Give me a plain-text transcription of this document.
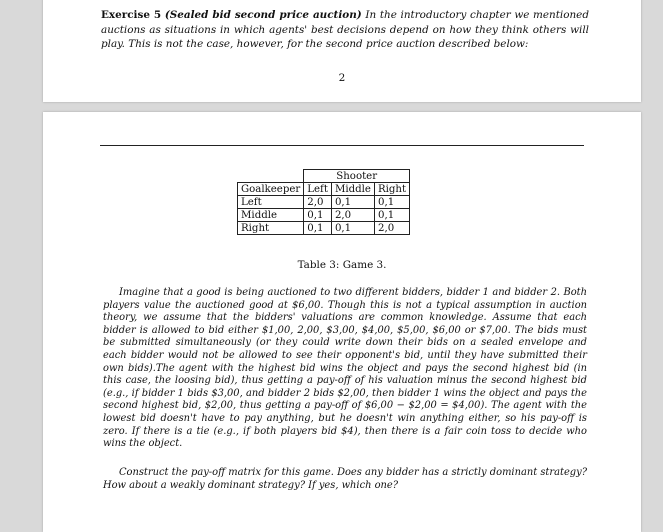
Exercise 5 (Sealed bid second price auction) In the introductory chapter we mentioned auctions as situations in which agents' best decisions depend on how they think others will play. This is not the case, however, for the second price auction described below:
2
	Shooter		
Goalkeeper	Left	Middle	Right
Left	2,0	0,1	0,1
Middle	0,1	2,0	0,1
Right	0,1	0,1	2,0
Table 3: Game 3.
Imagine that a good is being auctioned to two different bidders, bidder 1 and bidder 2. Both players value the auctioned good at $6,00. Though this is not a typical assumption in auction theory, we assume that the bidders' valuations are common knowledge. Assume that each bidder is allowed to bid either $1,00, 2,00, $3,00, $4,00, $5,00, $6,00 or $7,00. The bids must be submitted simultaneously (or they could write down their bids on a sealed envelope and each bidder would not be allowed to see their opponent's bid, until they have submitted their own bids).The agent with the highest bid wins the object and pays the second highest bid (in this case, the loosing bid), thus getting a pay-off of his valuation minus the second highest bid (e.g., if bidder 1 bids $3,00, and bidder 2 bids $2,00, then bidder 1 wins the object and pays the second highest bid, $2,00, thus getting a pay-off of $6,00 − $2,00 = $4,00). The agent with the lowest bid doesn't have to pay anything, but he doesn't win anything either, so his pay-off is zero. If there is a tie (e.g., if both players bid $4), then there is a fair coin toss to decide who wins the object.
Construct the pay-off matrix for this game. Does any bidder has a strictly dominant strategy? How about a weakly dominant strategy? If yes, which one?
